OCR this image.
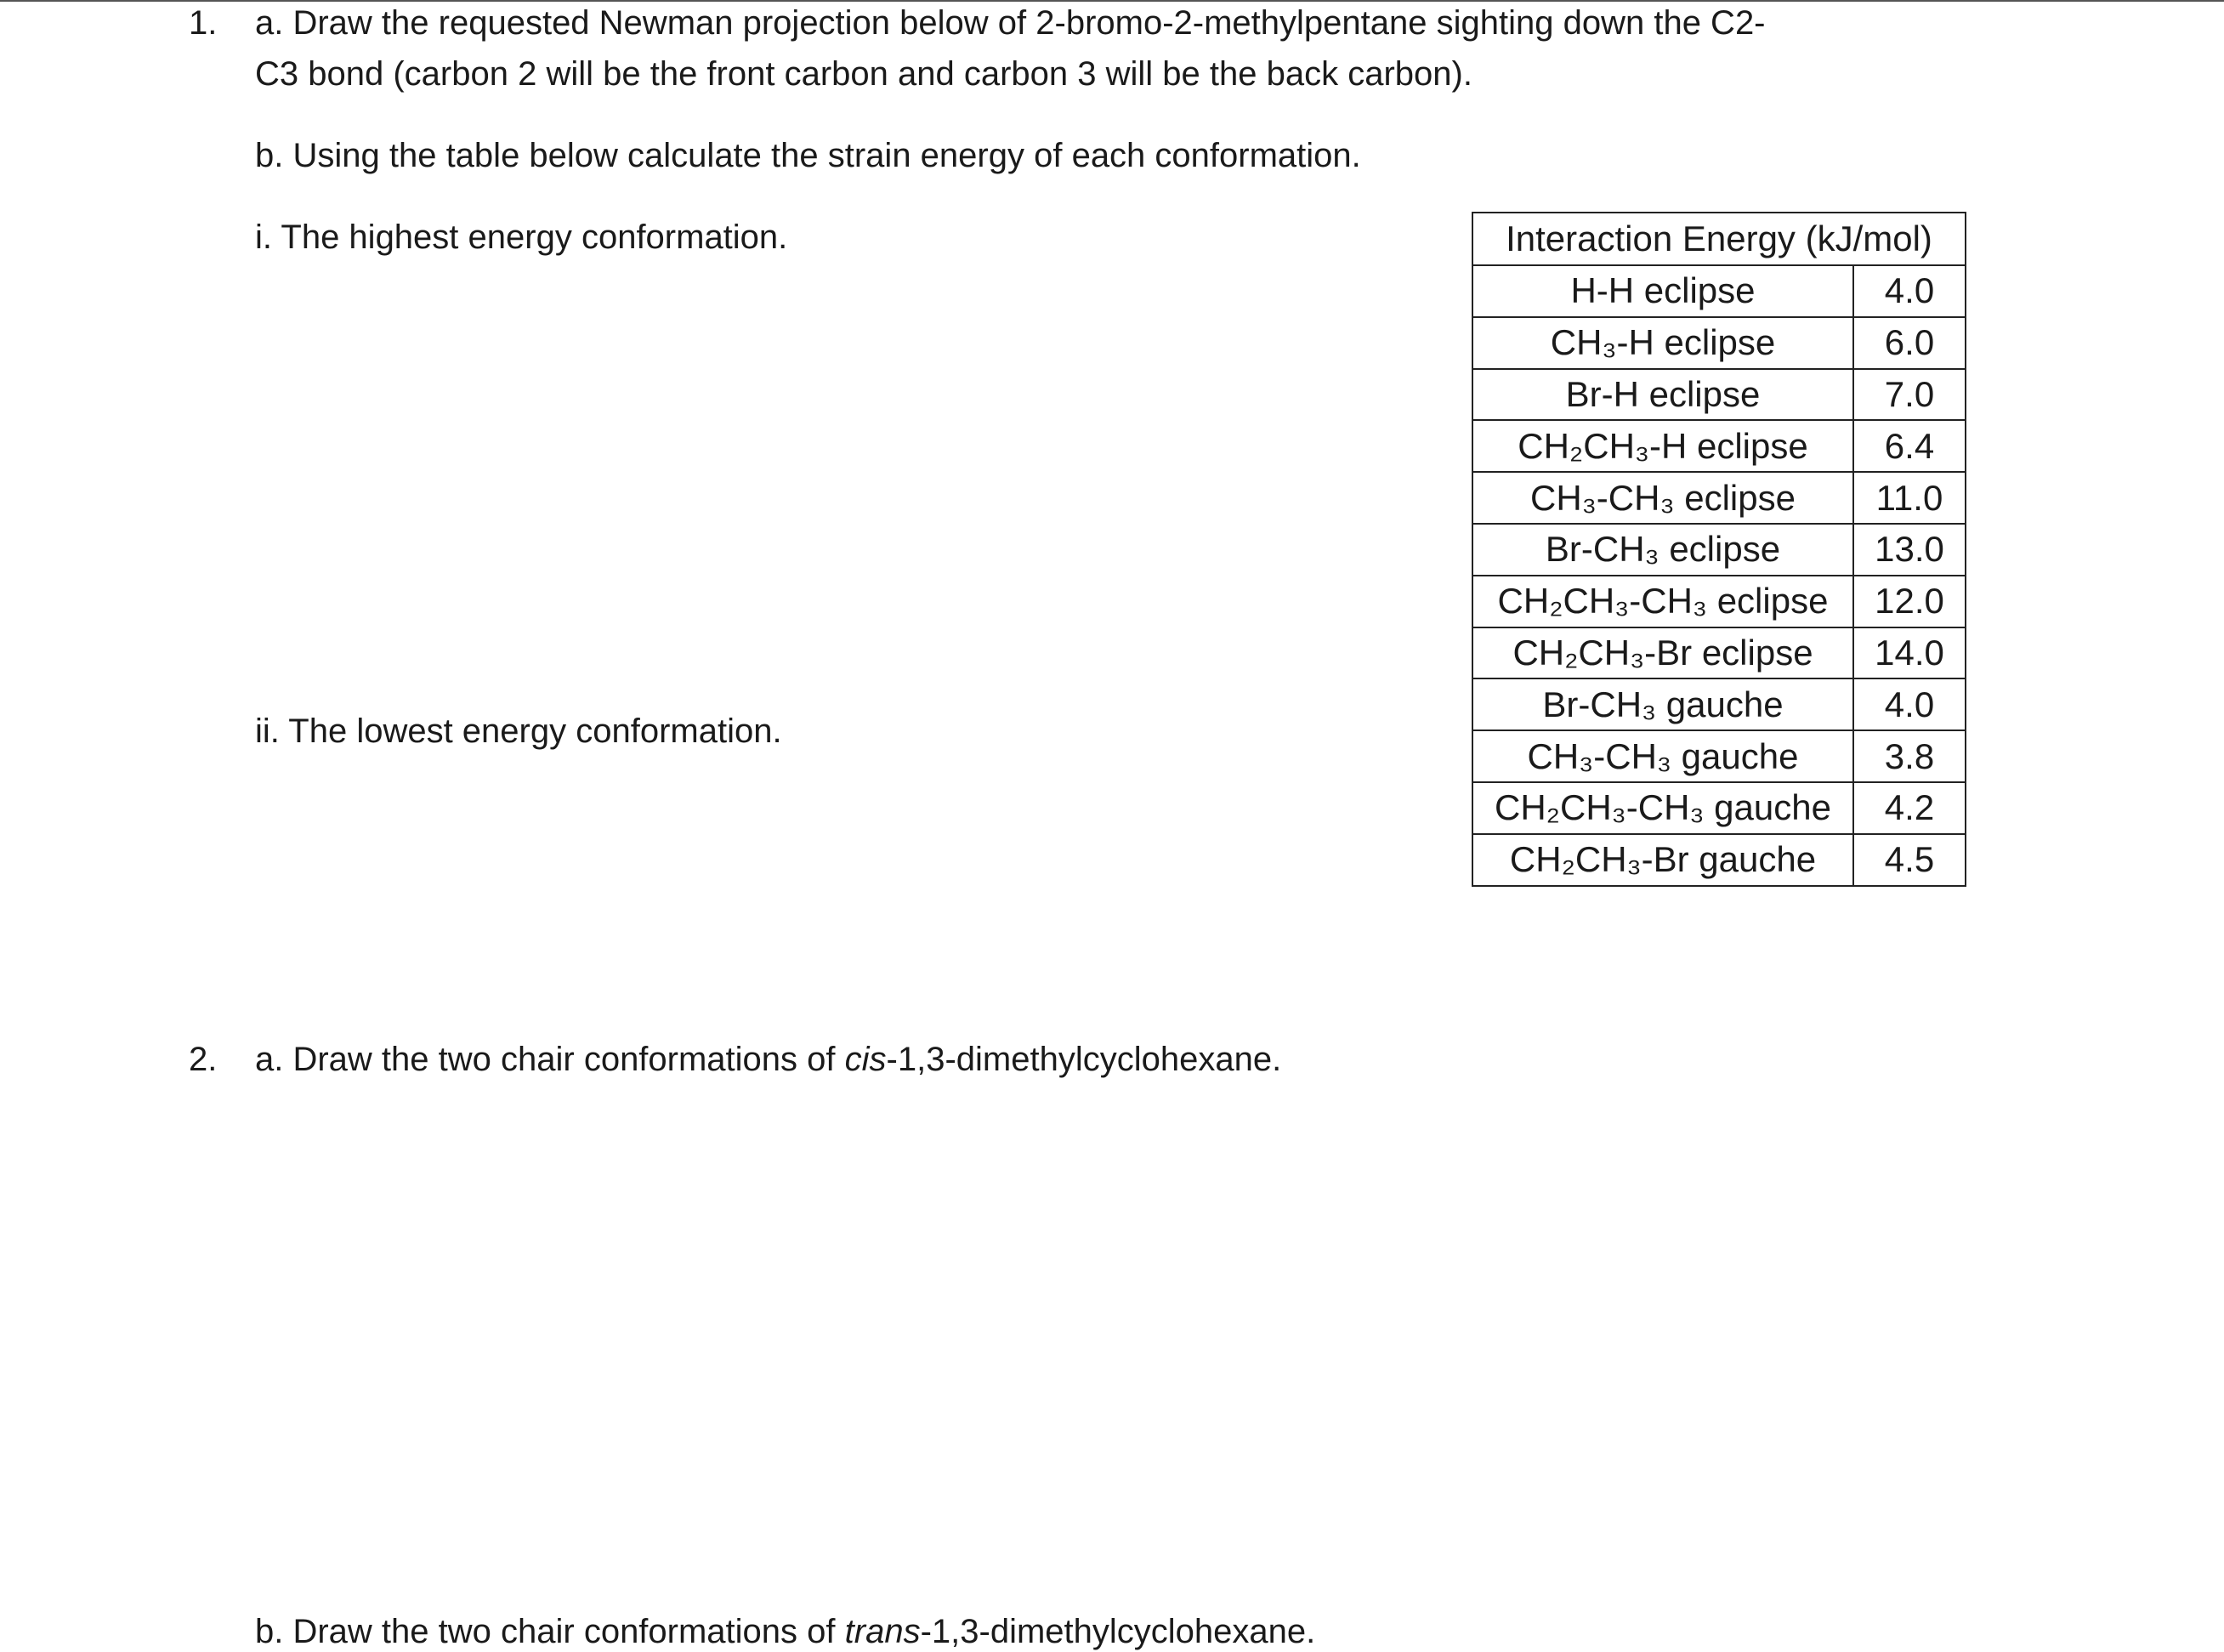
1. a. Draw the requested Newman projection below of 2-bromo-2-methylpentane sighting down the C2-
C3 bond (carbon 2 will be the front carbon and carbon 3 will be the back carbon).
b. Using the table below calculate the strain energy of each conformation.
i. The highest energy conformation.
ii. The lowest energy conformation.
Interaction Energy (kJ/mol)	
H-H eclipse	4.0
CH₃-H eclipse	6.0
Br-H eclipse	7.0
CH₂CH₃-H eclipse	6.4
CH₃-CH₃ eclipse	11.0
Br-CH₃ eclipse	13.0
CH₂CH₃-CH₃ eclipse	12.0
CH₂CH₃-Br eclipse	14.0
Br-CH₃ gauche	4.0
CH₃-CH₃ gauche	3.8
CH₂CH₃-CH₃ gauche	4.2
CH₂CH₃-Br gauche	4.5
2. a. Draw the two chair conformations of cis-1,3-dimethylcyclohexane.
b. Draw the two chair conformations of trans-1,3-dimethylcyclohexane.
